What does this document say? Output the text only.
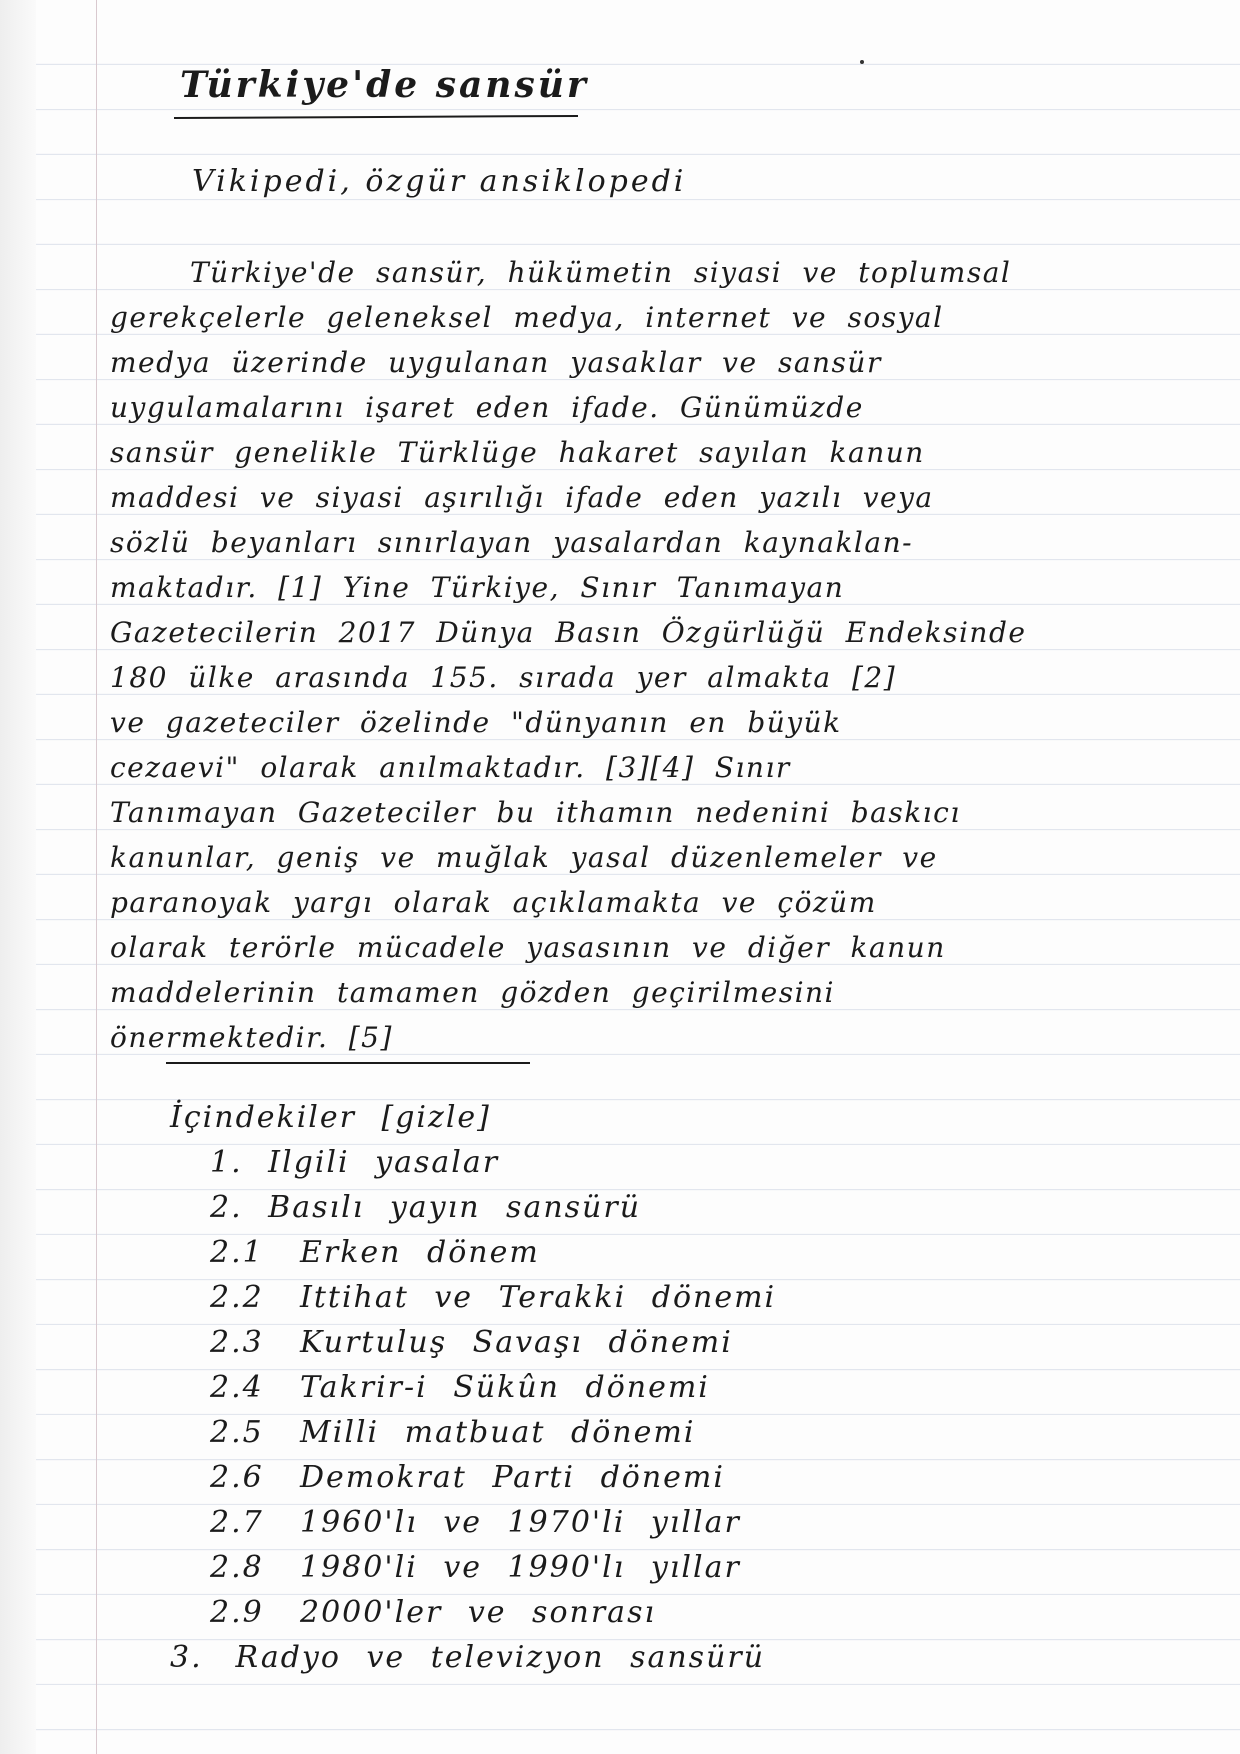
Türkiye'de sansür

Vikipedi, özgür ansiklopedi

Türkiye'de sansür, hükümetin siyasi ve toplumsal
gerekçelerle geleneksel medya, internet ve sosyal
medya üzerinde uygulanan yasaklar ve sansür
uygulamalarını işaret eden ifade. Günümüzde
sansür genelikle Türklüge hakaret sayılan kanun
maddesi ve siyasi aşırılığı ifade eden yazılı veya
sözlü beyanları sınırlayan yasalardan kaynaklan-
maktadır. [1] Yine Türkiye, Sınır Tanımayan
Gazetecilerin 2017 Dünya Basın Özgürlüğü Endeksinde
180 ülke arasında 155. sırada yer almakta [2]
ve gazeteciler özelinde "dünyanın en büyük
cezaevi" olarak anılmaktadır. [3][4] Sınır
Tanımayan Gazeteciler bu ithamın nedenini baskıcı
kanunlar, geniş ve muğlak yasal düzenlemeler ve
paranoyak yargı olarak açıklamakta ve çözüm
olarak terörle mücadele yasasının ve diğer kanun
maddelerinin tamamen gözden geçirilmesini
önermektedir. [5]
İçindekiler [gizle]
1. Ilgili yasalar
2. Basılı yayın sansürü
2.1 Erken dönem
2.2 Ittihat ve Terakki dönemi
2.3 Kurtuluş Savaşı dönemi
2.4 Takrir-i Sükûn dönemi
2.5 Milli matbuat dönemi
2.6 Demokrat Parti dönemi
2.7 1960'lı ve 1970'li yıllar
2.8 1980'li ve 1990'lı yıllar
2.9 2000'ler ve sonrası
3. Radyo ve televizyon sansürü
